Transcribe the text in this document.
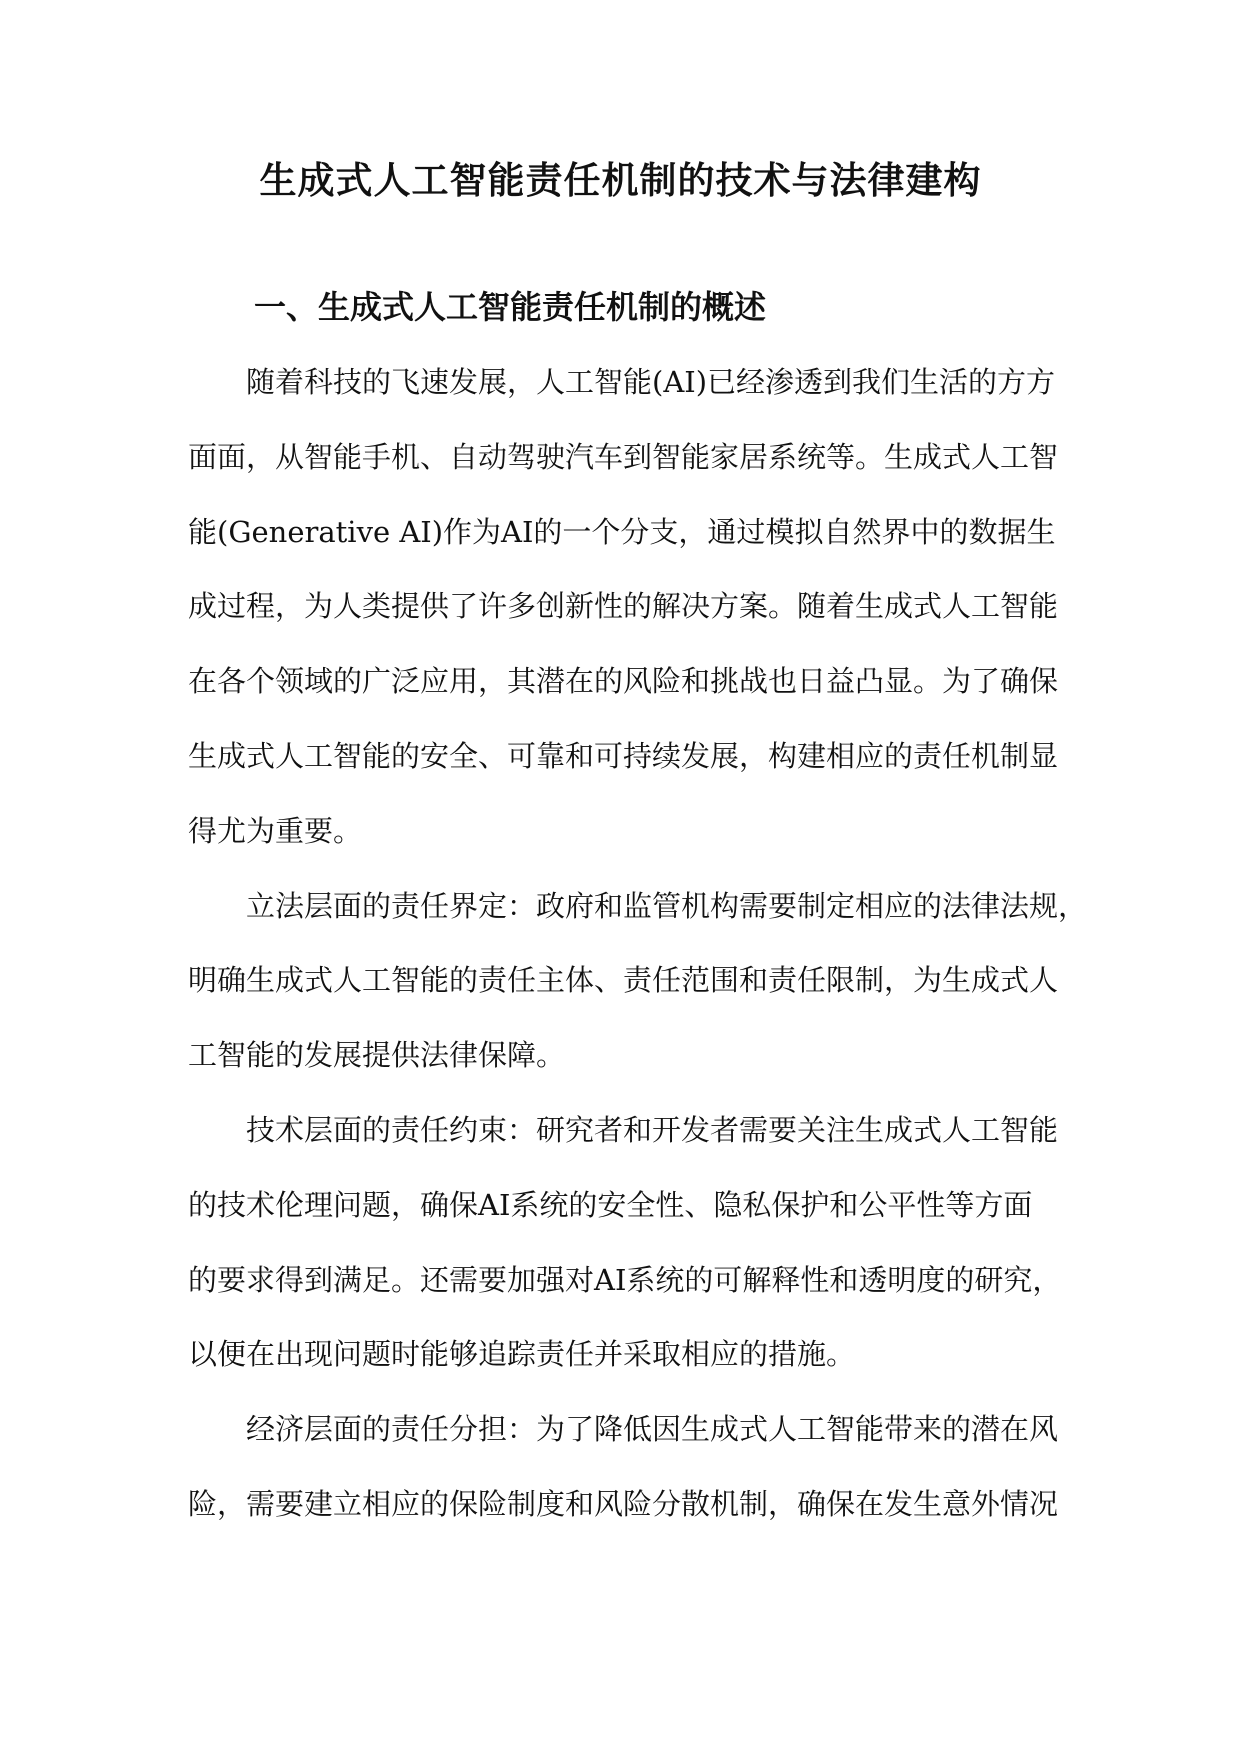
生成式人工智能责任机制的技术与法律建构
一、生成式人工智能责任机制的概述
随着科技的飞速发展，人工智能(AI)已经渗透到我们生活的方方
面面，从智能手机、自动驾驶汽车到智能家居系统等。生成式人工智
能(Generative AI)作为AI的一个分支，通过模拟自然界中的数据生
成过程，为人类提供了许多创新性的解决方案。随着生成式人工智能
在各个领域的广泛应用，其潜在的风险和挑战也日益凸显。为了确保
生成式人工智能的安全、可靠和可持续发展，构建相应的责任机制显
得尤为重要。
立法层面的责任界定：政府和监管机构需要制定相应的法律法规，
明确生成式人工智能的责任主体、责任范围和责任限制，为生成式人
工智能的发展提供法律保障。
技术层面的责任约束：研究者和开发者需要关注生成式人工智能
的技术伦理问题，确保AI系统的安全性、隐私保护和公平性等方面
的要求得到满足。还需要加强对AI系统的可解释性和透明度的研究，
以便在出现问题时能够追踪责任并采取相应的措施。
经济层面的责任分担：为了降低因生成式人工智能带来的潜在风
险，需要建立相应的保险制度和风险分散机制，确保在发生意外情况
